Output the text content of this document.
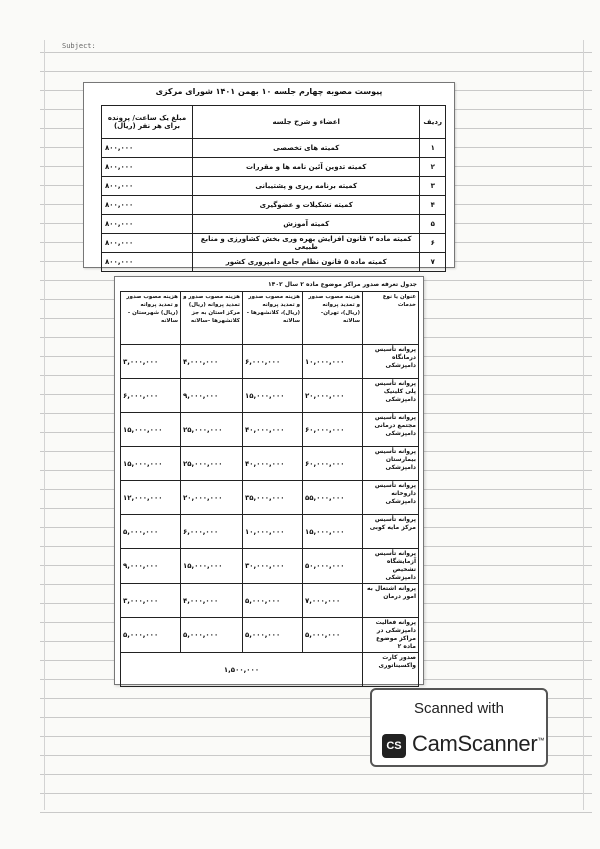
Subject:
پیوست مصوبه چهارم جلسه ۱۰ بهمن ۱۴۰۱ شورای مرکزی
ردیف	اعضاء و شرح جلسه	مبلغ یک ساعت/ پرونده برای هر نفر (ریال)
۱	کمیته های تخصصی	۸۰۰,۰۰۰
۲	کمیته تدوین آئین نامه ها و مقررات	۸۰۰,۰۰۰
۳	کمیته برنامه ریزی و پشتیبانی	۸۰۰,۰۰۰
۴	کمیته تشکیلات و عضوگیری	۸۰۰,۰۰۰
۵	کمیته آموزش	۸۰۰,۰۰۰
۶	کمیته ماده ۲ قانون افزایش بهره وری بخش کشاورزی و منابع طبیعی	۸۰۰,۰۰۰
۷	کمیته ماده ۵ قانون نظام جامع دامپروری کشور	۸۰۰,۰۰۰
جدول تعرفه صدور مراکز موضوع ماده ۲ سال ۱۴۰۲
عنوان یا نوع خدمات	هزینه مصوب صدور و تمدید پروانه (ریال)، تهران- سالانه	هزینه مصوب صدور و تمدید پروانه (ریال)، کلانشهرها - سالانه	هزینه مصوب صدور و تمدید پروانه (ریال) مرکز استان به جز کلانشهرها -سالانه	هزینه مصوب صدور و تمدید پروانه (ریال) شهرستان - سالانه
پروانه تأسیس درمانگاه دامپزشکی	۱۰,۰۰۰,۰۰۰	۶,۰۰۰,۰۰۰	۴,۰۰۰,۰۰۰	۳,۰۰۰,۰۰۰
پروانه تأسیس پلی کلینیک دامپزشکی	۲۰,۰۰۰,۰۰۰	۱۵,۰۰۰,۰۰۰	۹,۰۰۰,۰۰۰	۶,۰۰۰,۰۰۰
پروانه تأسیس مجتمع درمانی دامپزشکی	۶۰,۰۰۰,۰۰۰	۴۰,۰۰۰,۰۰۰	۲۵,۰۰۰,۰۰۰	۱۵,۰۰۰,۰۰۰
پروانه تأسیس بیمارستان دامپزشکی	۶۰,۰۰۰,۰۰۰	۴۰,۰۰۰,۰۰۰	۲۵,۰۰۰,۰۰۰	۱۵,۰۰۰,۰۰۰
پروانه تأسیس داروخانه دامپزشکی	۵۵,۰۰۰,۰۰۰	۳۵,۰۰۰,۰۰۰	۲۰,۰۰۰,۰۰۰	۱۲,۰۰۰,۰۰۰
پروانه تأسیس مرکز مایه کوبی	۱۵,۰۰۰,۰۰۰	۱۰,۰۰۰,۰۰۰	۶,۰۰۰,۰۰۰	۵,۰۰۰,۰۰۰
پروانه تأسیس آزمایشگاه تشخیص دامپزشکی	۵۰,۰۰۰,۰۰۰	۳۰,۰۰۰,۰۰۰	۱۵,۰۰۰,۰۰۰	۹,۰۰۰,۰۰۰
پروانه اشتغال به امور درمان	۷,۰۰۰,۰۰۰	۵,۰۰۰,۰۰۰	۴,۰۰۰,۰۰۰	۳,۰۰۰,۰۰۰
پروانه فعالیت دامپزشکی در مراکز موضوع ماده ۲	۵,۰۰۰,۰۰۰	۵,۰۰۰,۰۰۰	۵,۰۰۰,۰۰۰	۵,۰۰۰,۰۰۰
صدور کارت واکسیناتوری	۱,۵۰۰,۰۰۰			
Scanned with
CS CamScanner™
